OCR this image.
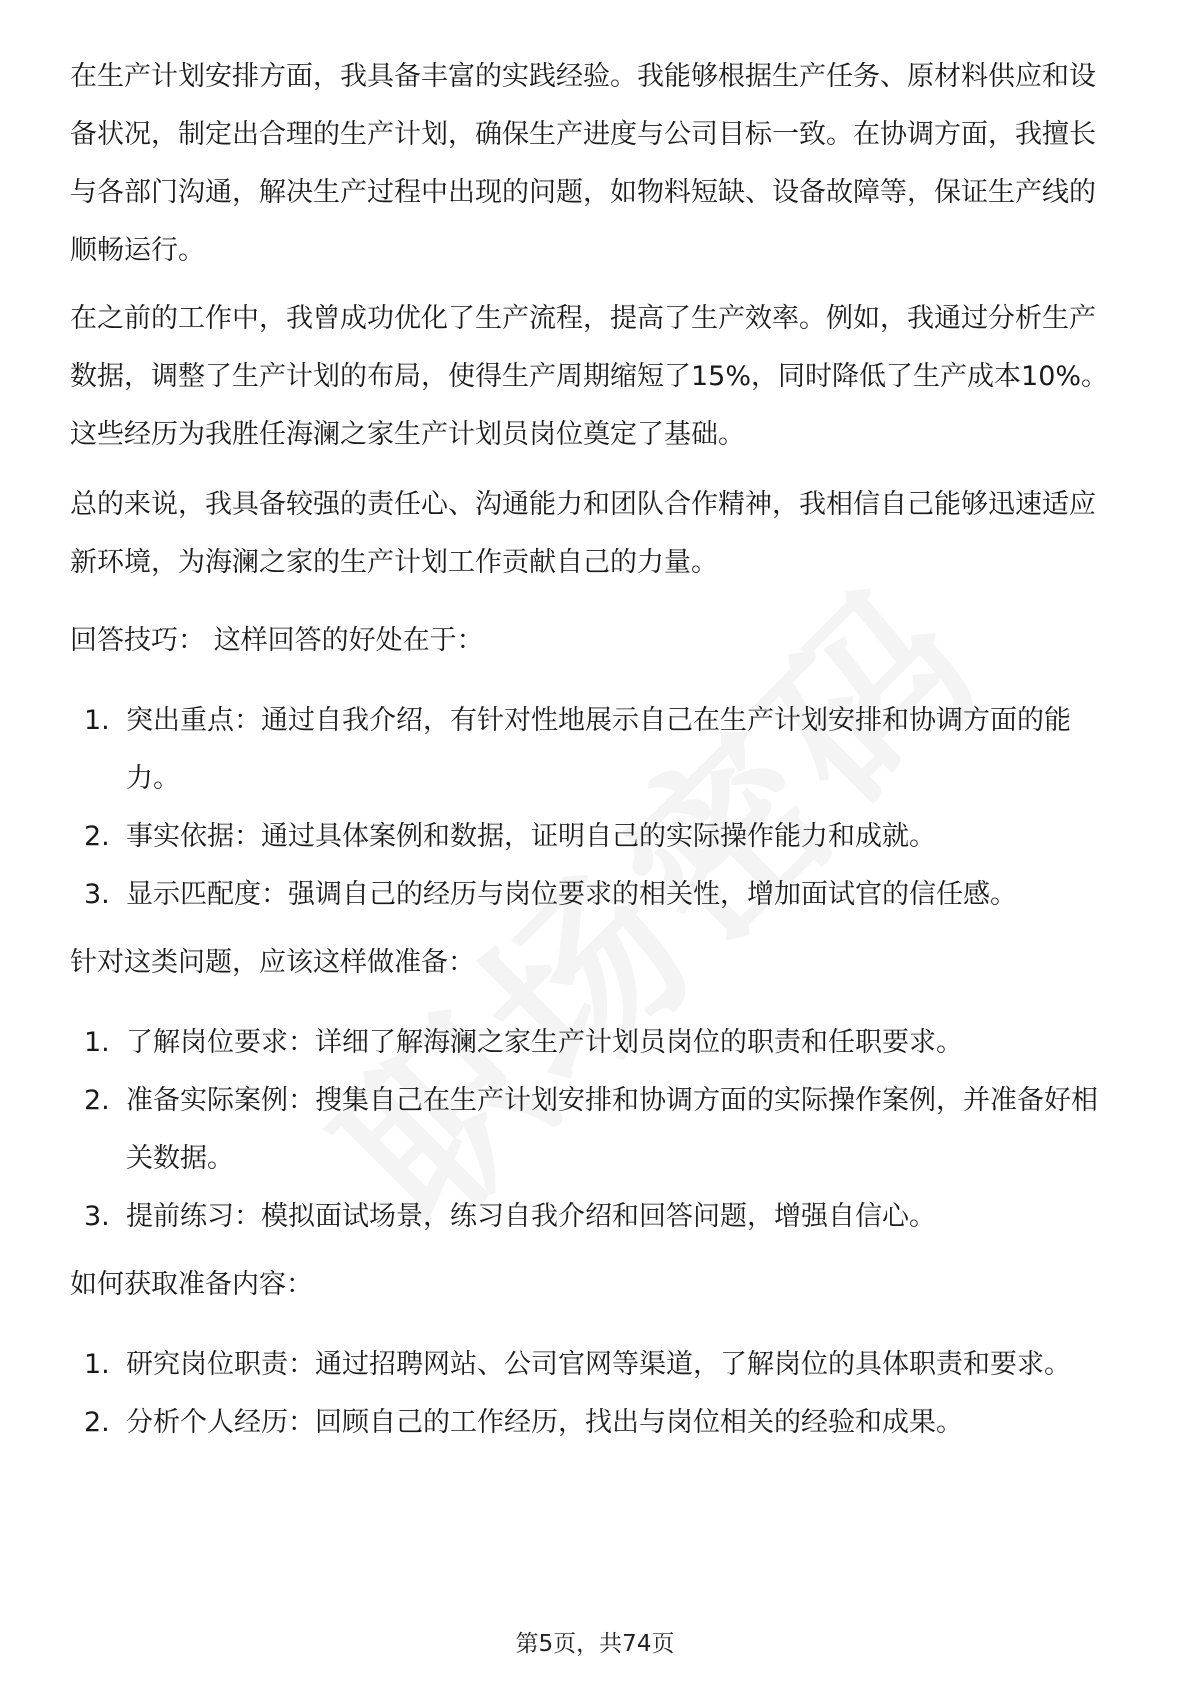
在生产计划安排方面，我具备丰富的实践经验。我能够根据生产任务、原材料供应和设备状况，制定出合理的生产计划，确保生产进度与公司目标一致。在协调方面，我擅长与各部门沟通，解决生产过程中出现的问题，如物料短缺、设备故障等，保证生产线的顺畅运行。

在之前的工作中，我曾成功优化了生产流程，提高了生产效率。例如，我通过分析生产数据，调整了生产计划的布局，使得生产周期缩短了15%，同时降低了生产成本10%。这些经历为我胜任海澜之家生产计划员岗位奠定了基础。

总的来说，我具备较强的责任心、沟通能力和团队合作精神，我相信自己能够迅速适应新环境，为海澜之家的生产计划工作贡献自己的力量。

回答技巧： 这样回答的好处在于：

1. 突出重点：通过自我介绍，有针对性地展示自己在生产计划安排和协调方面的能力。
2. 事实依据：通过具体案例和数据，证明自己的实际操作能力和成就。
3. 显示匹配度：强调自己的经历与岗位要求的相关性，增加面试官的信任感。

针对这类问题，应该这样做准备：

1. 了解岗位要求：详细了解海澜之家生产计划员岗位的职责和任职要求。
2. 准备实际案例：搜集自己在生产计划安排和协调方面的实际操作案例，并准备好相关数据。
3. 提前练习：模拟面试场景，练习自我介绍和回答问题，增强自信心。

如何获取准备内容：

1. 研究岗位职责：通过招聘网站、公司官网等渠道，了解岗位的具体职责和要求。
2. 分析个人经历：回顾自己的工作经历，找出与岗位相关的经验和成果。
第5页，共74页
